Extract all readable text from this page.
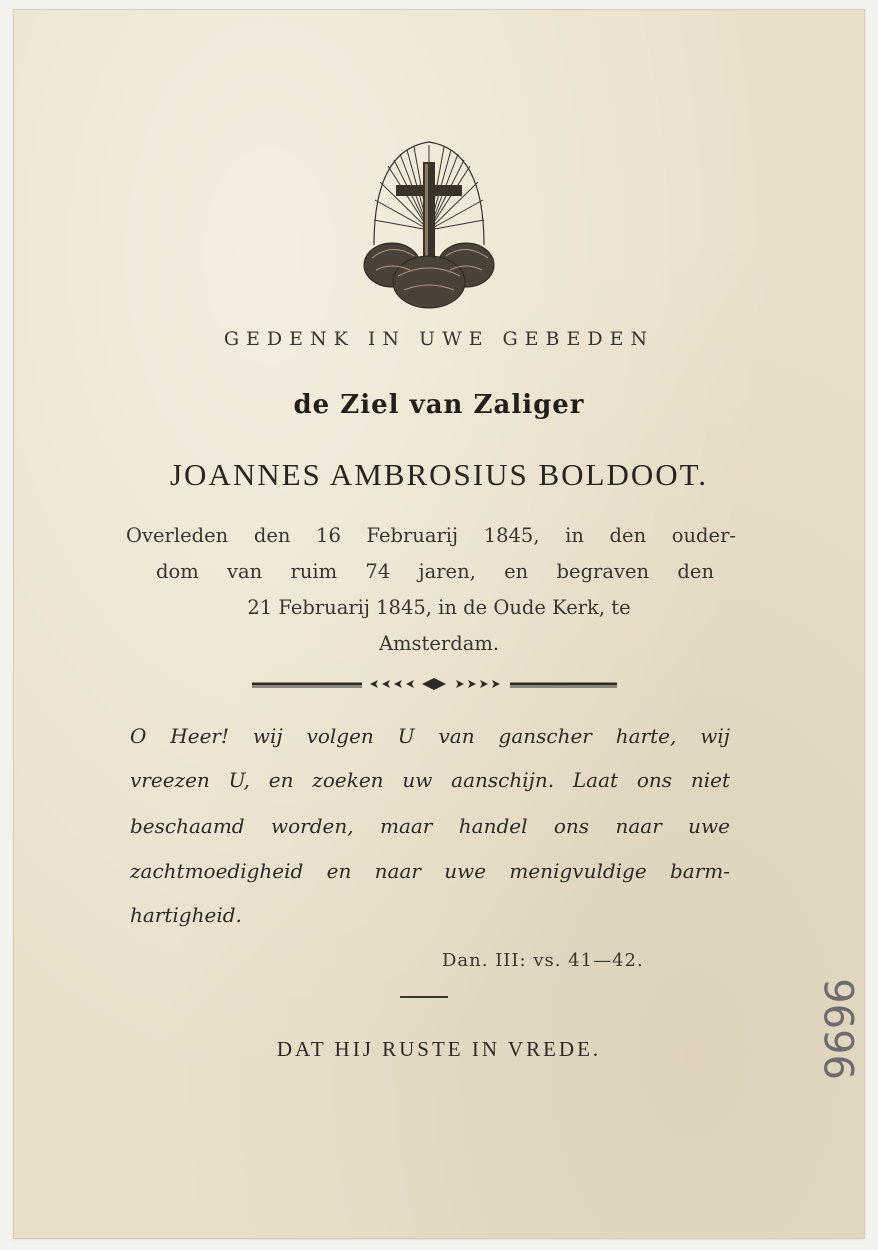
GEDENK IN UWE GEBEDEN
de Ziel van Zaliger
JOANNES AMBROSIUS BOLDOOT.
Overleden den 16 Februarij 1845, in den ouder-
dom van ruim 74 jaren, en begraven den
21 Februarij 1845, in de Oude Kerk, te
Amsterdam.
O Heer! wij volgen U van ganscher harte, wij
vreezen U, en zoeken uw aanschijn. Laat ons niet
beschaamd worden, maar handel ons naar uwe
zachtmoedigheid en naar uwe menigvuldige barm-
hartigheid.
Dan. III: vs. 41—42.
DAT HIJ RUSTE IN VREDE.	9696
